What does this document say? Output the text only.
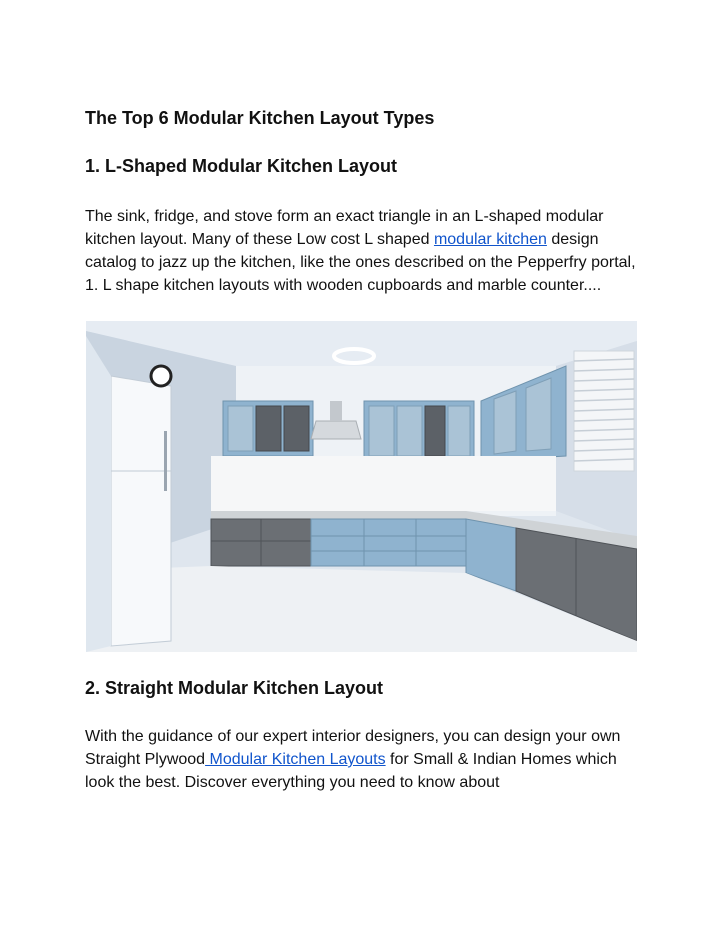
The Top 6 Modular Kitchen Layout Types
1. L-Shaped Modular Kitchen Layout

The sink, fridge, and stove form an exact triangle in an L-shaped modular kitchen layout. Many of these Low cost L shaped modular kitchen design catalog to jazz up the kitchen, like the ones described on the Pepperfry portal, 1. L shape kitchen layouts with wooden cupboards and marble counter....

2. Straight Modular Kitchen Layout

With the guidance of our expert interior designers, you can design your own Straight Plywood Modular Kitchen Layouts for Small & Indian Homes which look the best. Discover everything you need to know about
